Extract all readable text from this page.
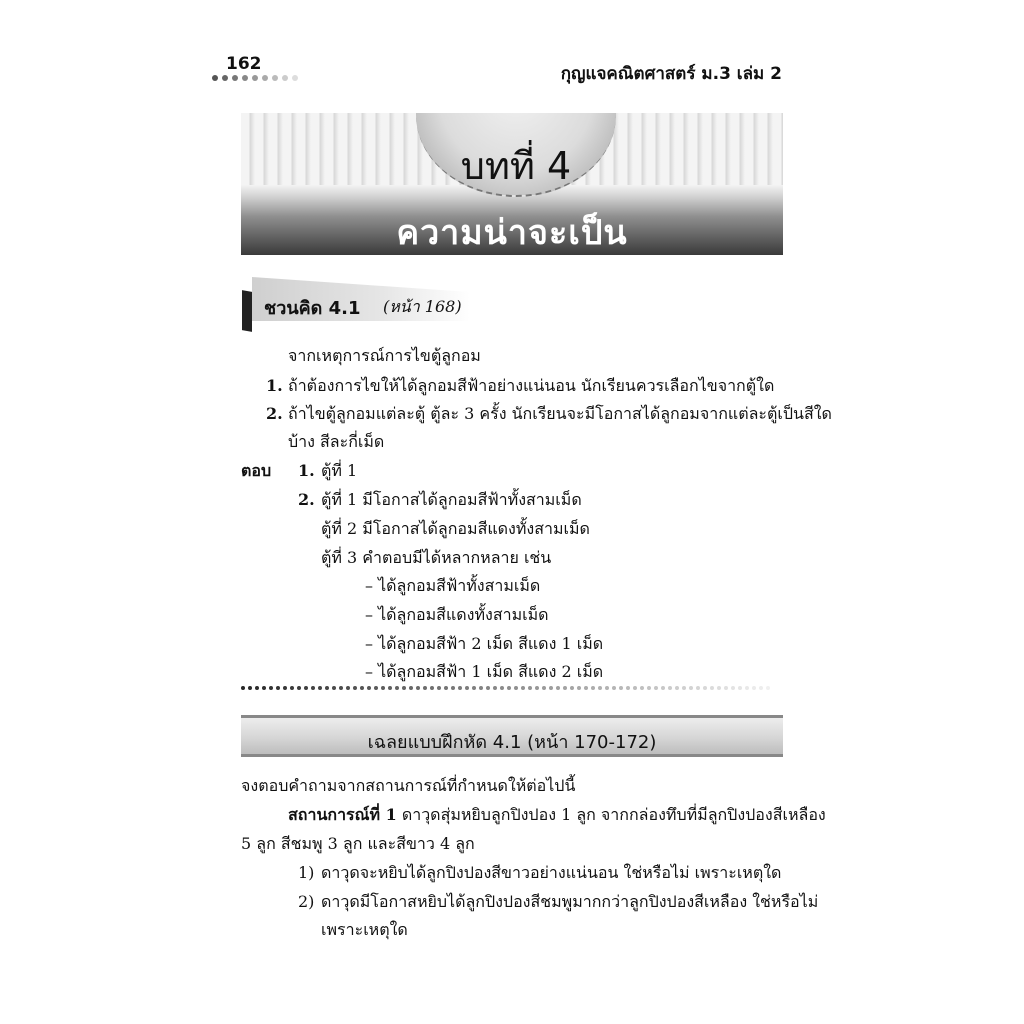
162	กุญแจคณิตศาสตร์ ม.3 เล่ม 2
บทที่ 4
ความน่าจะเป็น
ชวนคิด 4.1 (หน้า 168)
จากเหตุการณ์การไขตู้ลูกอม
1. ถ้าต้องการไขให้ได้ลูกอมสีฟ้าอย่างแน่นอน นักเรียนควรเลือกไขจากตู้ใด
2. ถ้าไขตู้ลูกอมแต่ละตู้ ตู้ละ 3 ครั้ง นักเรียนจะมีโอกาสได้ลูกอมจากแต่ละตู้เป็นสีใด
บ้าง สีละกี่เม็ด
ตอบ 1. ตู้ที่ 1
2. ตู้ที่ 1 มีโอกาสได้ลูกอมสีฟ้าทั้งสามเม็ด
ตู้ที่ 2 มีโอกาสได้ลูกอมสีแดงทั้งสามเม็ด
ตู้ที่ 3 คำตอบมีได้หลากหลาย เช่น
– ได้ลูกอมสีฟ้าทั้งสามเม็ด
– ได้ลูกอมสีแดงทั้งสามเม็ด
– ได้ลูกอมสีฟ้า 2 เม็ด สีแดง 1 เม็ด
– ได้ลูกอมสีฟ้า 1 เม็ด สีแดง 2 เม็ด
เฉลยแบบฝึกหัด 4.1 (หน้า 170-172)
จงตอบคำถามจากสถานการณ์ที่กำหนดให้ต่อไปนี้
สถานการณ์ที่ 1 ดาวุดสุ่มหยิบลูกปิงปอง 1 ลูก จากกล่องทึบที่มีลูกปิงปองสีเหลือง
5 ลูก สีชมพู 3 ลูก และสีขาว 4 ลูก
1) ดาวุดจะหยิบได้ลูกปิงปองสีขาวอย่างแน่นอน ใช่หรือไม่ เพราะเหตุใด
2) ดาวุดมีโอกาสหยิบได้ลูกปิงปองสีชมพูมากกว่าลูกปิงปองสีเหลือง ใช่หรือไม่
เพราะเหตุใด
